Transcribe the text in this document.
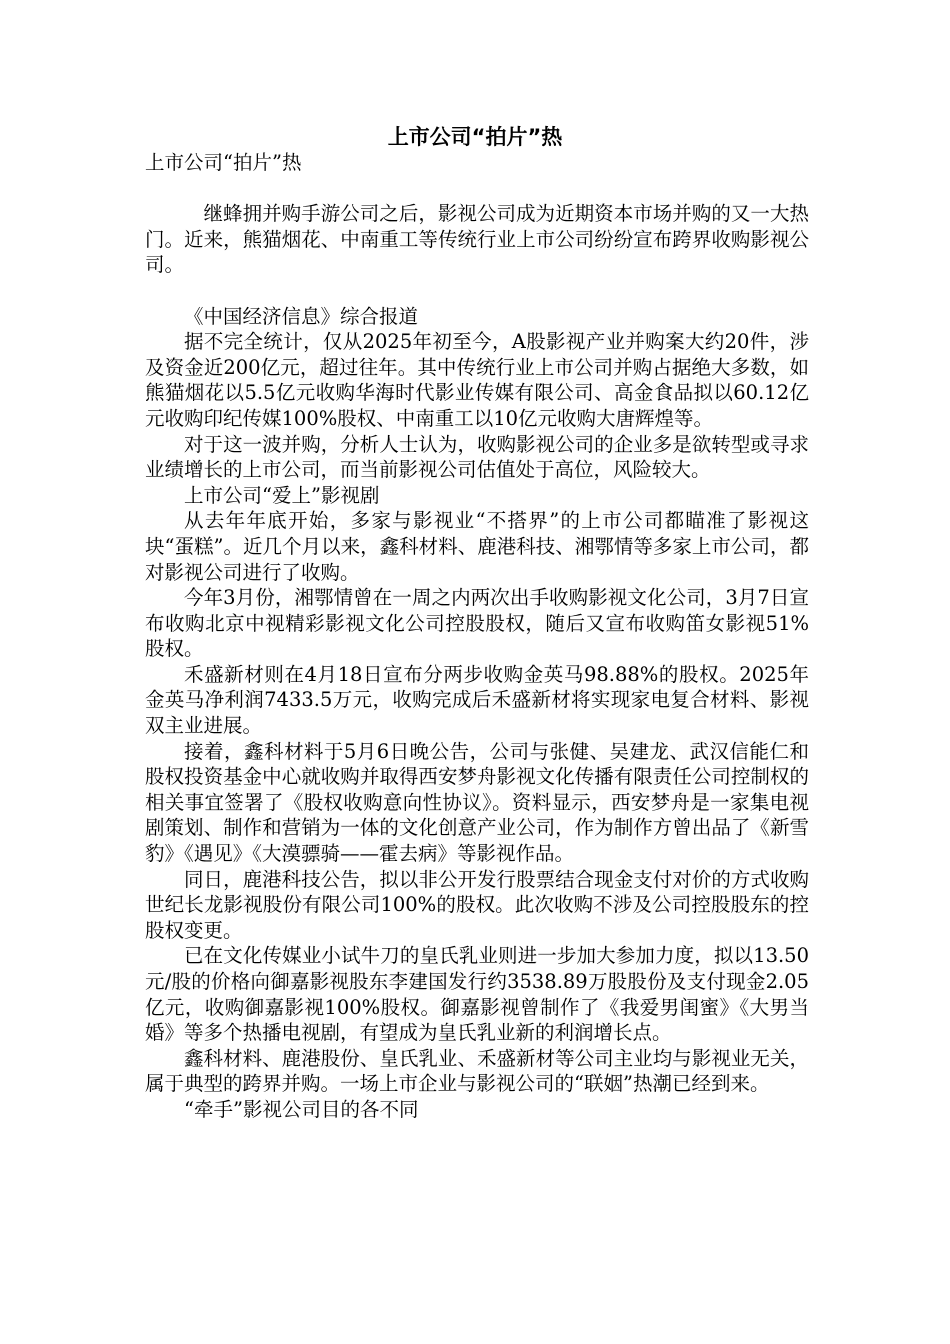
上市公司“拍片”热

上市公司“拍片”热

继蜂拥并购手游公司之后，影视公司成为近期资本市场并购的又一大热门。近来，熊猫烟花、中南重工等传统行业上市公司纷纷宣布跨界收购影视公司。

《中国经济信息》综合报道

据不完全统计，仅从2025年初至今，A股影视产业并购案大约20件，涉及资金近200亿元，超过往年。其中传统行业上市公司并购占据绝大多数，如熊猫烟花以5.5亿元收购华海时代影业传媒有限公司、高金食品拟以60.12亿元收购印纪传媒100%股权、中南重工以10亿元收购大唐辉煌等。

对于这一波并购，分析人士认为，收购影视公司的企业多是欲转型或寻求业绩增长的上市公司，而当前影视公司估值处于高位，风险较大。

上市公司“爱上”影视剧

从去年年底开始，多家与影视业“不搭界”的上市公司都瞄准了影视这块“蛋糕”。近几个月以来，鑫科材料、鹿港科技、湘鄂情等多家上市公司，都对影视公司进行了收购。

今年3月份，湘鄂情曾在一周之内两次出手收购影视文化公司，3月7日宣布收购北京中视精彩影视文化公司控股股权，随后又宣布收购笛女影视51%股权。

禾盛新材则在4月18日宣布分两步收购金英马98.88%的股权。2025年金英马净利润7433.5万元，收购完成后禾盛新材将实现家电复合材料、影视双主业进展。

接着，鑫科材料于5月6日晚公告，公司与张健、吴建龙、武汉信能仁和股权投资基金中心就收购并取得西安梦舟影视文化传播有限责任公司控制权的相关事宜签署了《股权收购意向性协议》。资料显示，西安梦舟是一家集电视剧策划、制作和营销为一体的文化创意产业公司，作为制作方曾出品了《新雪豹》《遇见》《大漠骠骑——霍去病》等影视作品。

同日，鹿港科技公告，拟以非公开发行股票结合现金支付对价的方式收购世纪长龙影视股份有限公司100%的股权。此次收购不涉及公司控股股东的控股权变更。

已在文化传媒业小试牛刀的皇氏乳业则进一步加大参加力度，拟以13.50元/股的价格向御嘉影视股东李建国发行约3538.89万股股份及支付现金2.05亿元，收购御嘉影视100%股权。御嘉影视曾制作了《我爱男闺蜜》《大男当婚》等多个热播电视剧，有望成为皇氏乳业新的利润增长点。

鑫科材料、鹿港股份、皇氏乳业、禾盛新材等公司主业均与影视业无关，属于典型的跨界并购。一场上市企业与影视公司的“联姻”热潮已经到来。

“牵手”影视公司目的各不同
